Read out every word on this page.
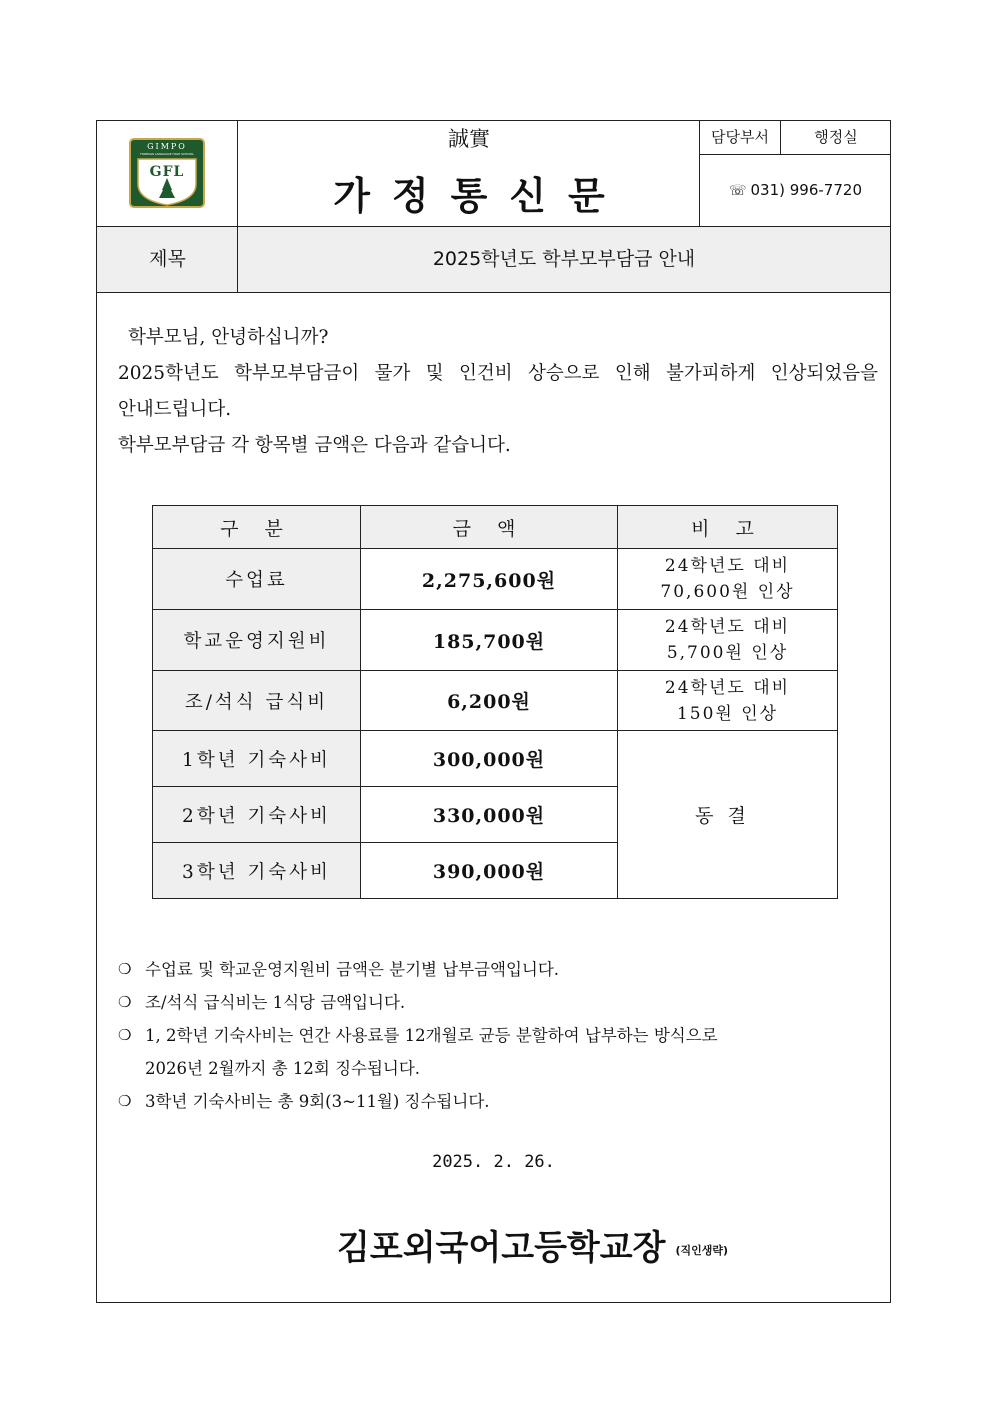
GIMPO
FOREIGN LANGUAGE HIGH SCHOOL
GFL
誠實
가정통신문
담당부서	행정실
☏ 031) 996-7720
제목	2025학년도 학부모부담금 안내

학부모님, 안녕하십니까?

2025학년도 학부모부담금이 물가 및 인건비 상승으로 인해 불가피하게 인상되었음을

안내드립니다.

학부모부담금 각 항목별 금액은 다음과 같습니다.

구 분	금 액	비 고
수업료	2,275,600원	24학년도 대비
70,600원 인상

학교운영지원비	185,700원	24학년도 대비
5,700원 인상

조/석식 급식비	6,200원	24학년도 대비
150원 인상

1학년 기숙사비	300,000원	동결
2학년 기숙사비	330,000원	
3학년 기숙사비	390,000원	
❍ 수업료 및 학교운영지원비 금액은 분기별 납부금액입니다.
❍ 조/석식 급식비는 1식당 금액입니다.
❍ 1, 2학년 기숙사비는 연간 사용료를 12개월로 균등 분할하여 납부하는 방식으로
2026년 2월까지 총 12회 징수됩니다.
❍ 3학년 기숙사비는 총 9회(3~11월) 징수됩니다.
2025. 2. 26.
김포외국어고등학교장 (직인생략)
